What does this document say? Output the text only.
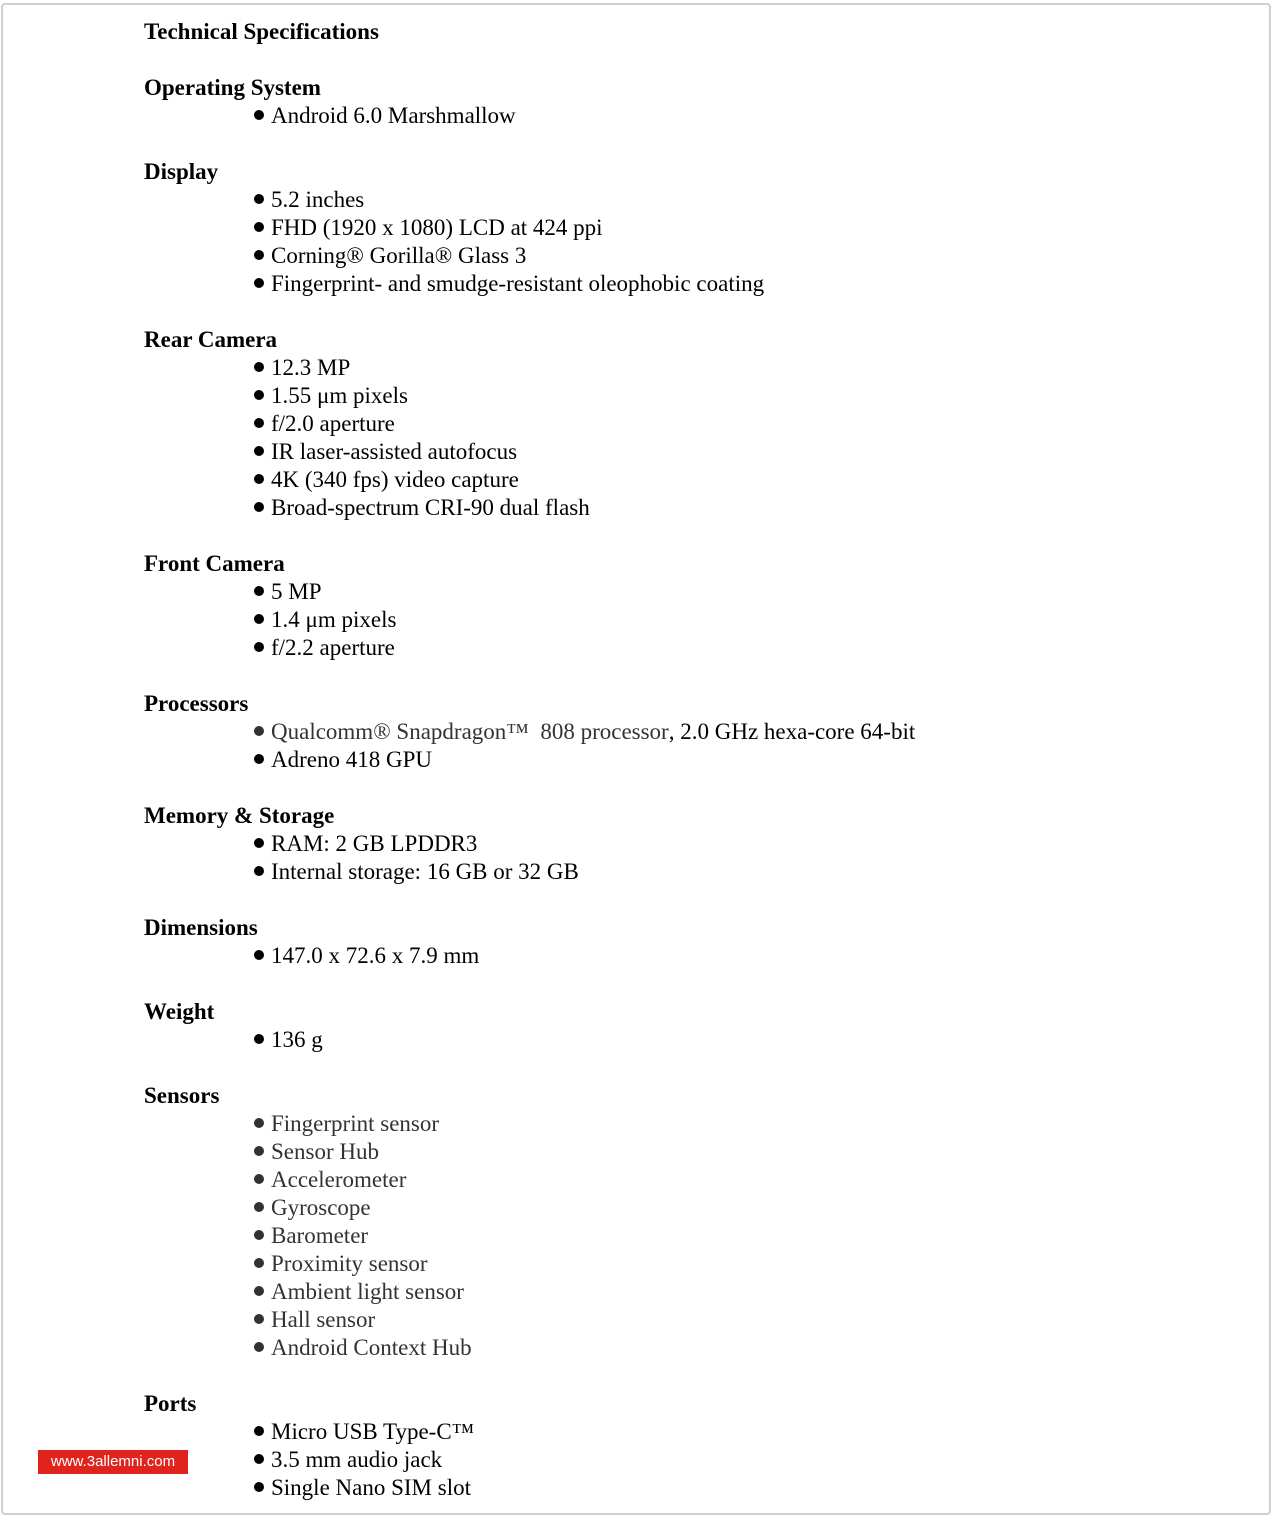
Technical Specifications
Operating System
Android 6.0 Marshmallow
Display
5.2 inches
FHD (1920 x 1080) LCD at 424 ppi
Corning® Gorilla® Glass 3
Fingerprint- and smudge-resistant oleophobic coating
Rear Camera
12.3 MP
1.55 μm pixels
f/2.0 aperture
IR laser-assisted autofocus
4K (340 fps) video capture
Broad-spectrum CRI-90 dual flash
Front Camera
5 MP
1.4 μm pixels
f/2.2 aperture
Processors
Qualcomm® Snapdragon™  808 processor , 2.0 GHz hexa-core 64-bit
Adreno 418 GPU
Memory & Storage
RAM: 2 GB LPDDR3
Internal storage: 16 GB or 32 GB
Dimensions
147.0 x 72.6 x 7.9 mm
Weight
136 g
Sensors
Fingerprint sensor
Sensor Hub
Accelerometer
Gyroscope
Barometer
Proximity sensor
Ambient light sensor
Hall sensor
Android Context Hub
Ports
Micro USB Type-C™
3.5 mm audio jack
Single Nano SIM slot
www.3allemni.com
